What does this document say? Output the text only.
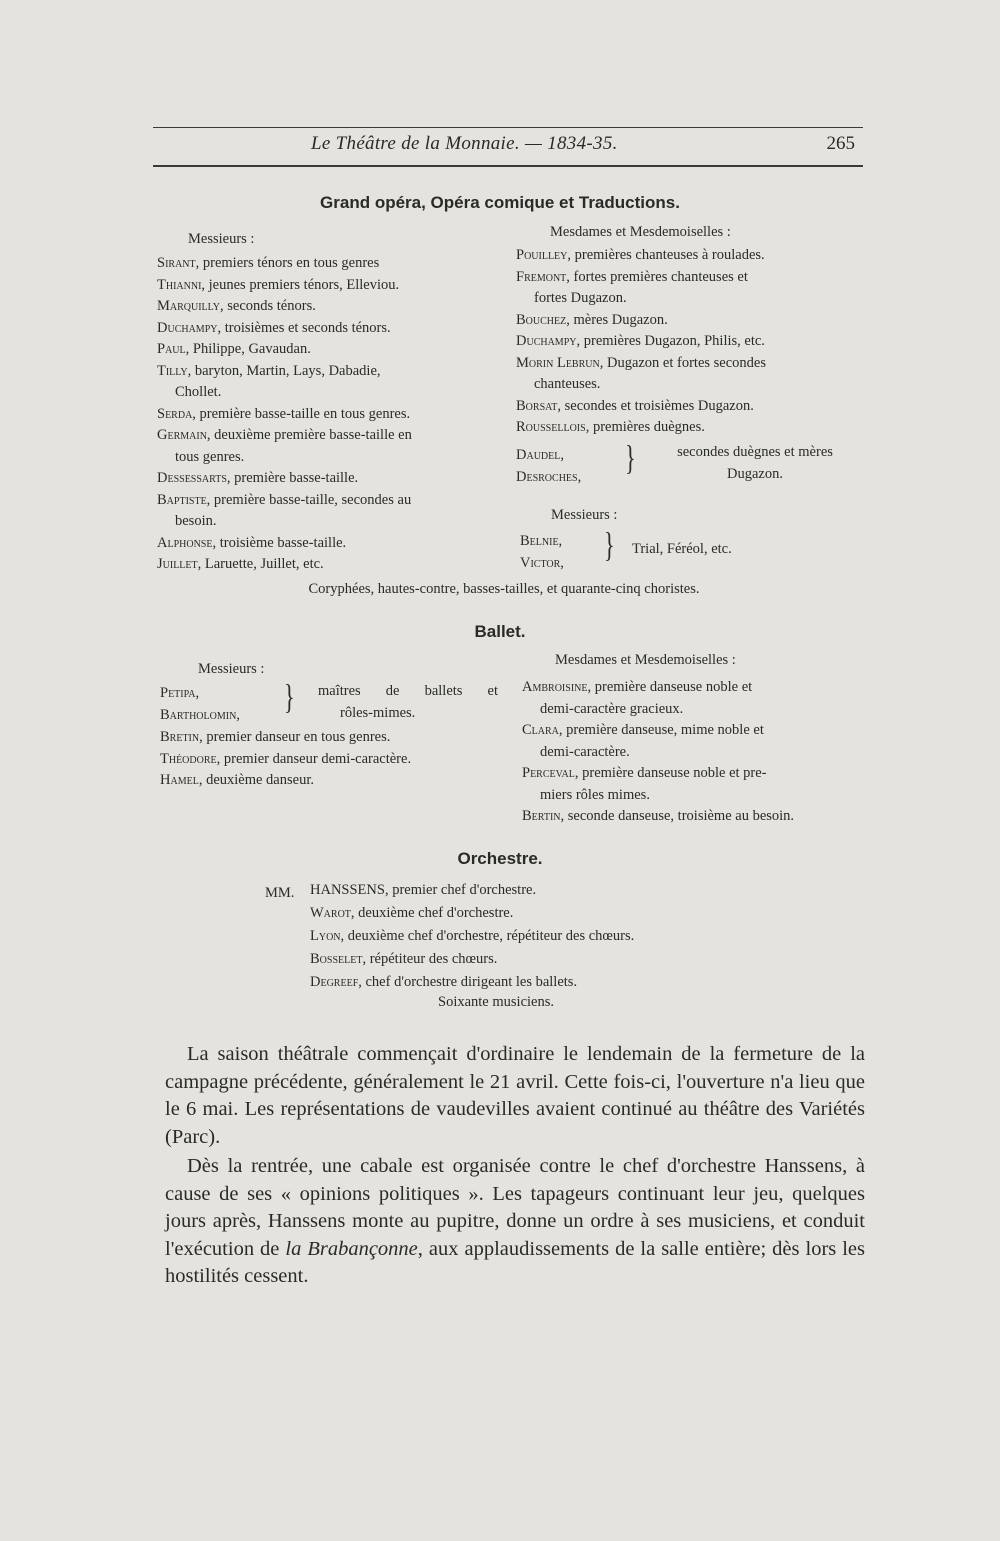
Le Théâtre de la Monnaie. — 1834-35.	265
Grand opéra, Opéra comique et Traductions.
Messieurs :	Mesdames et Mesdemoiselles :
Sirant, premiers ténors en tous genres
Thianni, jeunes premiers ténors, Elleviou.
Marquilly, seconds ténors.
Duchampy, troisièmes et seconds ténors.
Paul, Philippe, Gavaudan.
Tilly, baryton, Martin, Lays, Dabadie,
Chollet.
Serda, première basse-taille en tous genres.
Germain, deuxième première basse-taille en
tous genres.
Dessessarts, première basse-taille.
Baptiste, première basse-taille, secondes au
besoin.
Alphonse, troisième basse-taille.
Juillet, Laruette, Juillet, etc.
Pouilley, premières chanteuses à roulades.
Fremont, fortes premières chanteuses et
fortes Dugazon.
Bouchez, mères Dugazon.
Duchampy, premières Dugazon, Philis, etc.
Morin Lebrun, Dugazon et fortes secondes
chanteuses.
Borsat, secondes et troisièmes Dugazon.
Roussellois, premières duègnes.
Daudel,
Desroches, }	secondes duègnes et mères Dugazon.
Messieurs :
Belnie,
Victor, } Trial, Féréol, etc.
Coryphées, hautes-contre, basses-tailles, et quarante-cinq choristes.
Ballet.
Messieurs :
Mesdames et Mesdemoiselles :
Petipa,
Bartholomin, } maîtres de ballets et
rôles-mimes.
Bretin, premier danseur en tous genres.
Théodore, premier danseur demi-caractère.
Hamel, deuxième danseur.
Ambroisine, première danseuse noble et
demi-caractère gracieux.
Clara, première danseuse, mime noble et
demi-caractère.
Perceval, première danseuse noble et pre-
miers rôles mimes.
Bertin, seconde danseuse, troisième au besoin.
Orchestre.
MM. HANSSENS, premier chef d'orchestre.
Warot, deuxième chef d'orchestre.
Lyon, deuxième chef d'orchestre, répétiteur des chœurs.
Bosselet, répétiteur des chœurs.
Degreef, chef d'orchestre dirigeant les ballets.
Soixante musiciens.

La saison théâtrale commençait d'ordinaire le lendemain de la fermeture de la campagne précédente, généralement le 21 avril. Cette fois-ci, l'ouverture n'a lieu que le 6 mai. Les représentations de vaudevilles avaient continué au théâtre des Variétés (Parc).

Dès la rentrée, une cabale est organisée contre le chef d'orchestre Hanssens, à cause de ses « opinions politiques ». Les tapageurs continuant leur jeu, quelques jours après, Hanssens monte au pupitre, donne un ordre à ses musiciens, et conduit l'exécution de la Brabançonne, aux applaudissements de la salle entière; dès lors les hostilités cessent.
